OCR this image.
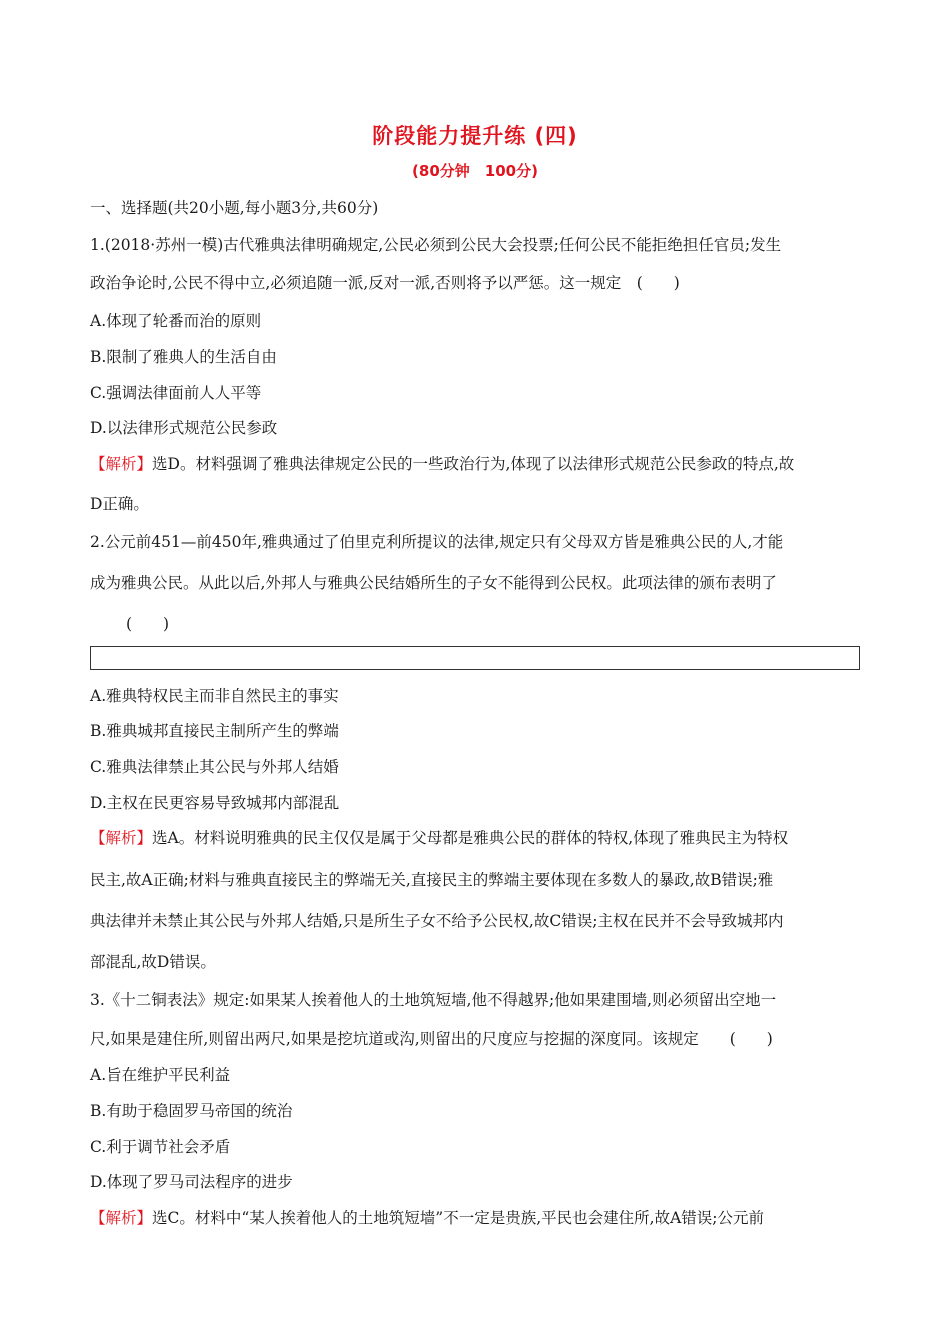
阶段能力提升练 (四)
(80分钟　100分)
一、选择题(共20小题,每小题3分,共60分)
1.(2018·苏州一模)古代雅典法律明确规定,公民必须到公民大会投票;任何公民不能拒绝担任官员;发生
政治争论时,公民不得中立,必须追随一派,反对一派,否则将予以严惩。这一规定　(　　)
A.体现了轮番而治的原则
B.限制了雅典人的生活自由
C.强调法律面前人人平等
D.以法律形式规范公民参政
【解析】选D。材料强调了雅典法律规定公民的一些政治行为,体现了以法律形式规范公民参政的特点,故
D正确。
2.公元前451—前450年,雅典通过了伯里克利所提议的法律,规定只有父母双方皆是雅典公民的人,才能
成为雅典公民。从此以后,外邦人与雅典公民结婚所生的子女不能得到公民权。此项法律的颁布表明了
(　　)
A.雅典特权民主而非自然民主的事实
B.雅典城邦直接民主制所产生的弊端
C.雅典法律禁止其公民与外邦人结婚
D.主权在民更容易导致城邦内部混乱
【解析】选A。材料说明雅典的民主仅仅是属于父母都是雅典公民的群体的特权,体现了雅典民主为特权
民主,故A正确;材料与雅典直接民主的弊端无关,直接民主的弊端主要体现在多数人的暴政,故B错误;雅
典法律并未禁止其公民与外邦人结婚,只是所生子女不给予公民权,故C错误;主权在民并不会导致城邦内
部混乱,故D错误。
3.《十二铜表法》规定:如果某人挨着他人的土地筑短墙,他不得越界;他如果建围墙,则必须留出空地一
尺,如果是建住所,则留出两尺,如果是挖坑道或沟,则留出的尺度应与挖掘的深度同。该规定　　(　　)
A.旨在维护平民利益
B.有助于稳固罗马帝国的统治
C.利于调节社会矛盾
D.体现了罗马司法程序的进步
【解析】选C。材料中“某人挨着他人的土地筑短墙”不一定是贵族,平民也会建住所,故A错误;公元前
